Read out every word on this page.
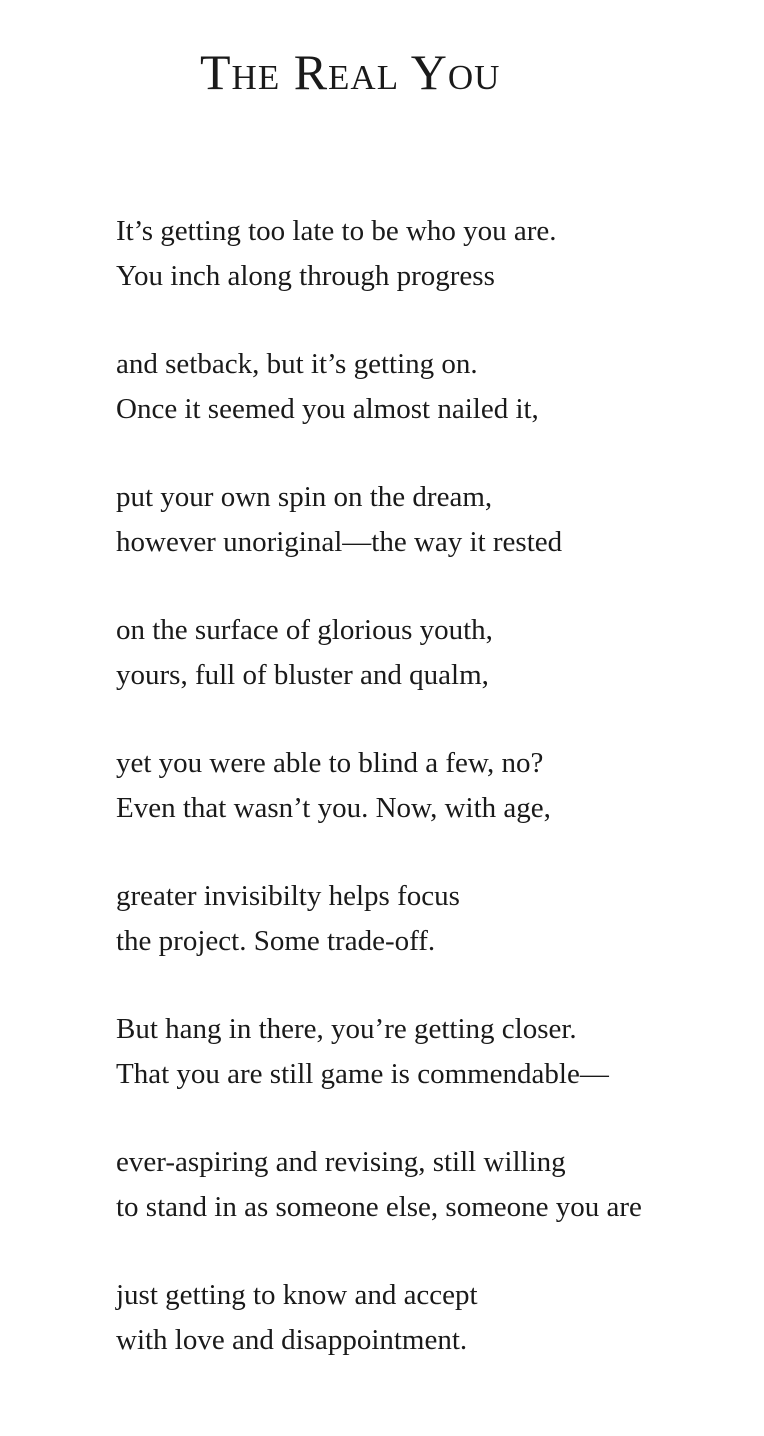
The Real You

It’s getting too late to be who you are.
You inch along through progress

and setback, but it’s getting on.
Once it seemed you almost nailed it,

put your own spin on the dream,
however unoriginal—the way it rested

on the surface of glorious youth,
yours, full of bluster and qualm,

yet you were able to blind a few, no?
Even that wasn’t you. Now, with age,

greater invisibilty helps focus
the project. Some trade-off.

But hang in there, you’re getting closer.
That you are still game is commendable—

ever-aspiring and revising, still willing
to stand in as someone else, someone you are

just getting to know and accept
with love and disappointment.
